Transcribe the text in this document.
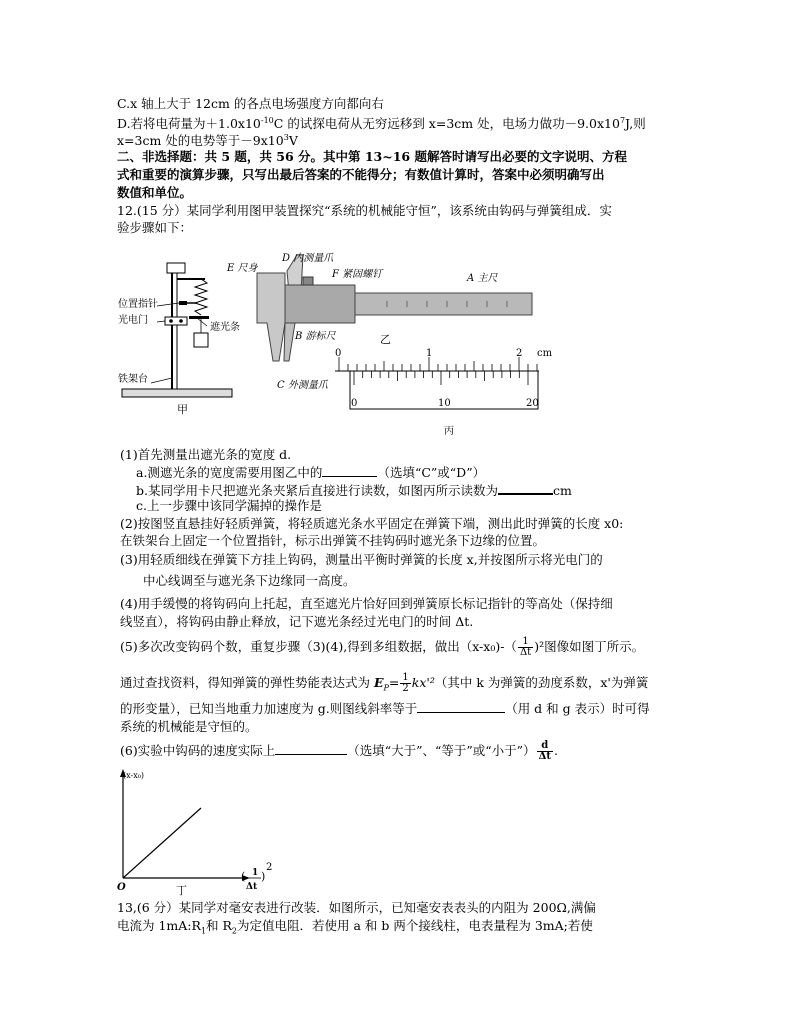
C.x 轴上大于 12cm 的各点电场强度方向都向右
D.若将电荷量为$+1.0x10^{-10}C$ 的试探电荷从无穷远移到 x=3cm 处，电场力做功$-9.0x10^7J$,则
x=3cm 处的电势等于$-9x10^3V$
二、非选择题：共 5 题，共 56 分。其中第 13~16 题解答时请写出必要的文字说明、方程
式和重要的演算步骤，只写出最后答案的不能得分；有数值计算时，答案中必须明确写出
数值和单位。
12.(15 分）某同学利用图甲装置探究“系统的机械能守恒”，该系统由钩码与弹簧组成．实
验步骤如下：
位置指针
光电门
遮光条
铁架台
甲
E 尺身
D 内测量爪
F 紧固螺钉	A 主尺
B 游标尺
C 外测量爪
乙
0	1	2 cm
0	10	20
丙
(1)首先测量出遮光条的宽度 d.
a.测遮光条的宽度需要用图乙中的	（选填“C”或“D”）
b.某同学用卡尺把遮光条夹紧后直接进行读数，如图丙所示读数为	cm
c.上一步骤中该同学漏掉的操作是
(2)按图竖直悬挂好轻质弹簧，将轻质遮光条水平固定在弹簧下端，测出此时弹簧的长度 x0:
在铁架台上固定一个位置指针，标示出弹簧不挂钩码时遮光条下边缘的位置。
(3)用轻质细线在弹簧下方挂上钩码，测量出平衡时弹簧的长度 x,并按图所示将光电门的
中心线调至与遮光条下边缘同一高度。
(4)用手缓慢的将钩码向上托起，直至遮光片恰好回到弹簧原长标记指针的等高处（保持细
线竖直），将钩码由静止释放，记下遮光条经过光电门的时间 Δt.
(5)多次改变钩码个数，重复步骤（3)(4),得到多组数据，做出$(x-x_0)-( \frac{1}{\Delta t} )^2$图像如图丁所示。
通过查找资料，得知弹簧的弹性势能表达式为 $E_P= \frac{1}{2} kx'^2$（其中 k 为弹簧的劲度系数，x'为弹簧
的形变量），已知当地重力加速度为 g.则图线斜率等于	（用 d 和 g 表示）时可得
系统的机械能是守恒的。
(6)实验中钩码的速度实际上	（选填“大于”、“等于”或“小于”） $\frac{d}{\Delta t}$ .
(x-x₀)
O
1
Δt
( )
2
丁
13,(6 分）某同学对毫安表进行改装．如图所示，已知毫安表表头的内阻为 200Ω,满偏
电流为 $1mA:R_1$和 $R_2$为定值电阻．若使用 a 和 b 两个接线柱，电表量程为 3mA;若使
